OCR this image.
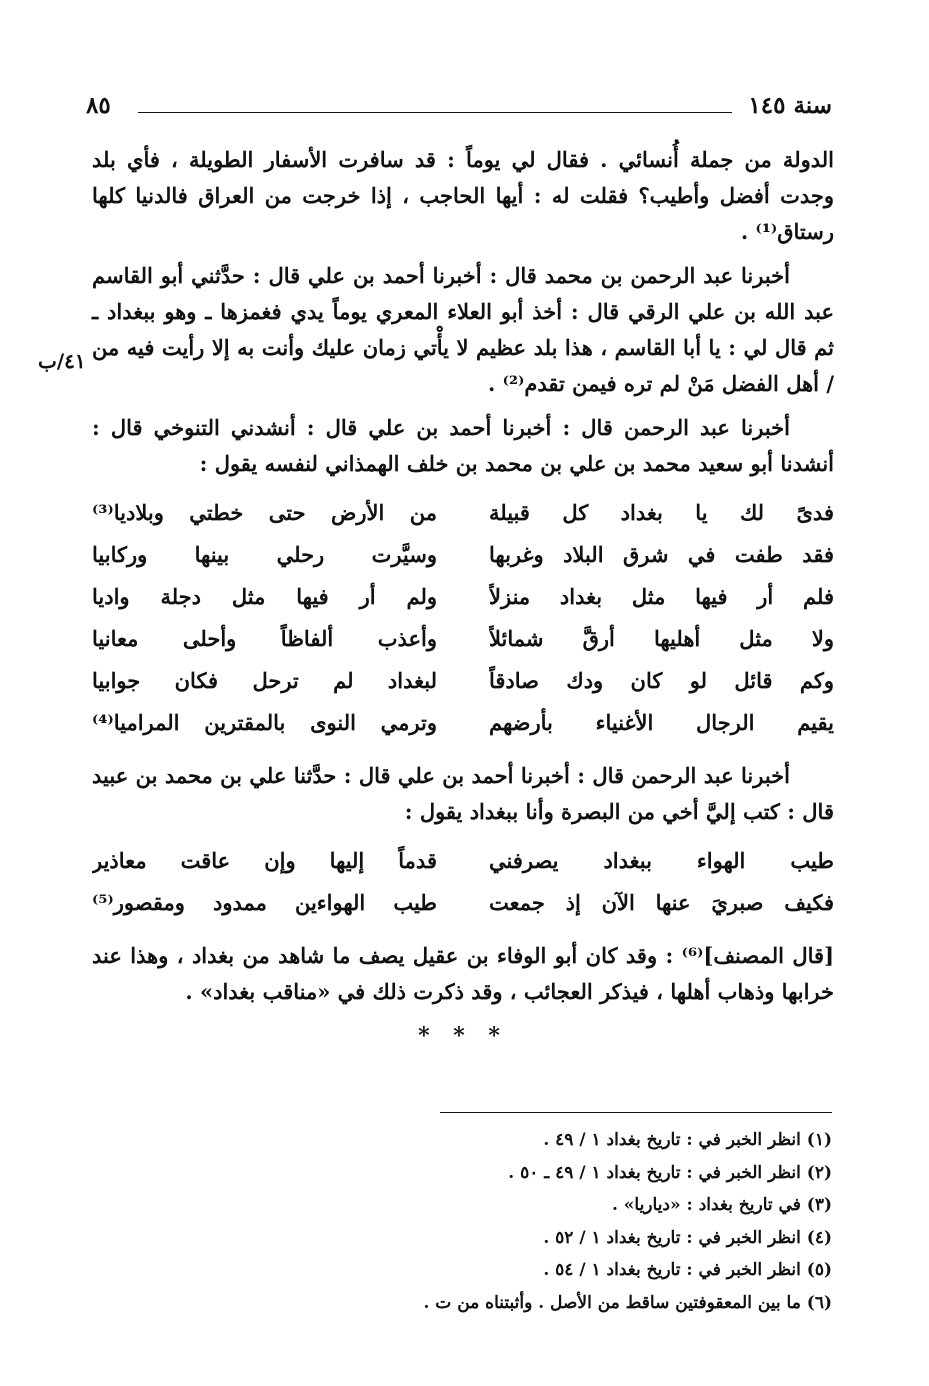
سنة ١٤٥
٨٥
٤١/ب

الدولة من جملة أُنسائي . فقال لي يوماً : قد سافرت الأسفار الطويلة ، فأي بلد وجدت أفضل وأطيب؟ فقلت له : أيها الحاجب ، إذا خرجت من العراق فالدنيا كلها رستاق⁽¹⁾ .

أخبرنا عبد الرحمن بن محمد قال : أخبرنا أحمد بن علي قال : حدَّثني أبو القاسم عبد الله بن علي الرقي قال : أخذ أبو العلاء المعري يوماً يدي فغمزها ـ وهو ببغداد ـ ثم قال لي : يا أبا القاسم ، هذا بلد عظيم لا يأْتي زمان عليك وأنت به إلا رأيت فيه من / أهل الفضل مَنْ لم تره فيمن تقدم⁽²⁾ .

أخبرنا عبد الرحمن قال : أخبرنا أحمد بن علي قال : أنشدني التنوخي قال : أنشدنا أبو سعيد محمد بن علي بن محمد بن خلف الهمذاني لنفسه يقول :

فدىً لك يا بغداد كل قبيلة
من الأرض حتى خطتي وبلاديا⁽³⁾
فقد طفت في شرق البلاد وغربها
وسيَّرت رحلي بينها وركابيا
فلم أر فيها مثل بغداد منزلاً
ولم أر فيها مثل دجلة واديا
ولا مثل أهليها أرقَّ شمائلاً
وأعذب ألفاظاً وأحلى معانيا
وكم قائل لو كان ودك صادقاً
لبغداد لم ترحل فكان جوابيا
يقيم الرجال الأغنياء بأرضهم
وترمي النوى بالمقترين المراميا⁽⁴⁾

أخبرنا عبد الرحمن قال : أخبرنا أحمد بن علي قال : حدَّثنا علي بن محمد بن عبيد قال : كتب إليَّ أخي من البصرة وأنا ببغداد يقول :

طيب الهواء ببغداد يصرفني
قدماً إليها وإن عاقت معاذير
فكيف صبريَ عنها الآن إذ جمعت
طيب الهواءين ممدود ومقصور⁽⁵⁾

[قال المصنف]⁽⁶⁾ : وقد كان أبو الوفاء بن عقيل يصف ما شاهد من بغداد ، وهذا عند خرابها وذهاب أهلها ، فيذكر العجائب ، وقد ذكرت ذلك في «مناقب بغداد» .

* * *
(١) انظر الخبر في : تاريخ بغداد ١ / ٤٩ .
(٢) انظر الخبر في : تاريخ بغداد ١ / ٤٩ ـ ٥٠ .
(٣) في تاريخ بغداد : «دياريا» .
(٤) انظر الخبر في : تاريخ بغداد ١ / ٥٢ .
(٥) انظر الخبر في : تاريخ بغداد ١ / ٥٤ .
(٦) ما بين المعقوفتين ساقط من الأصل . وأثبتناه من ت .
